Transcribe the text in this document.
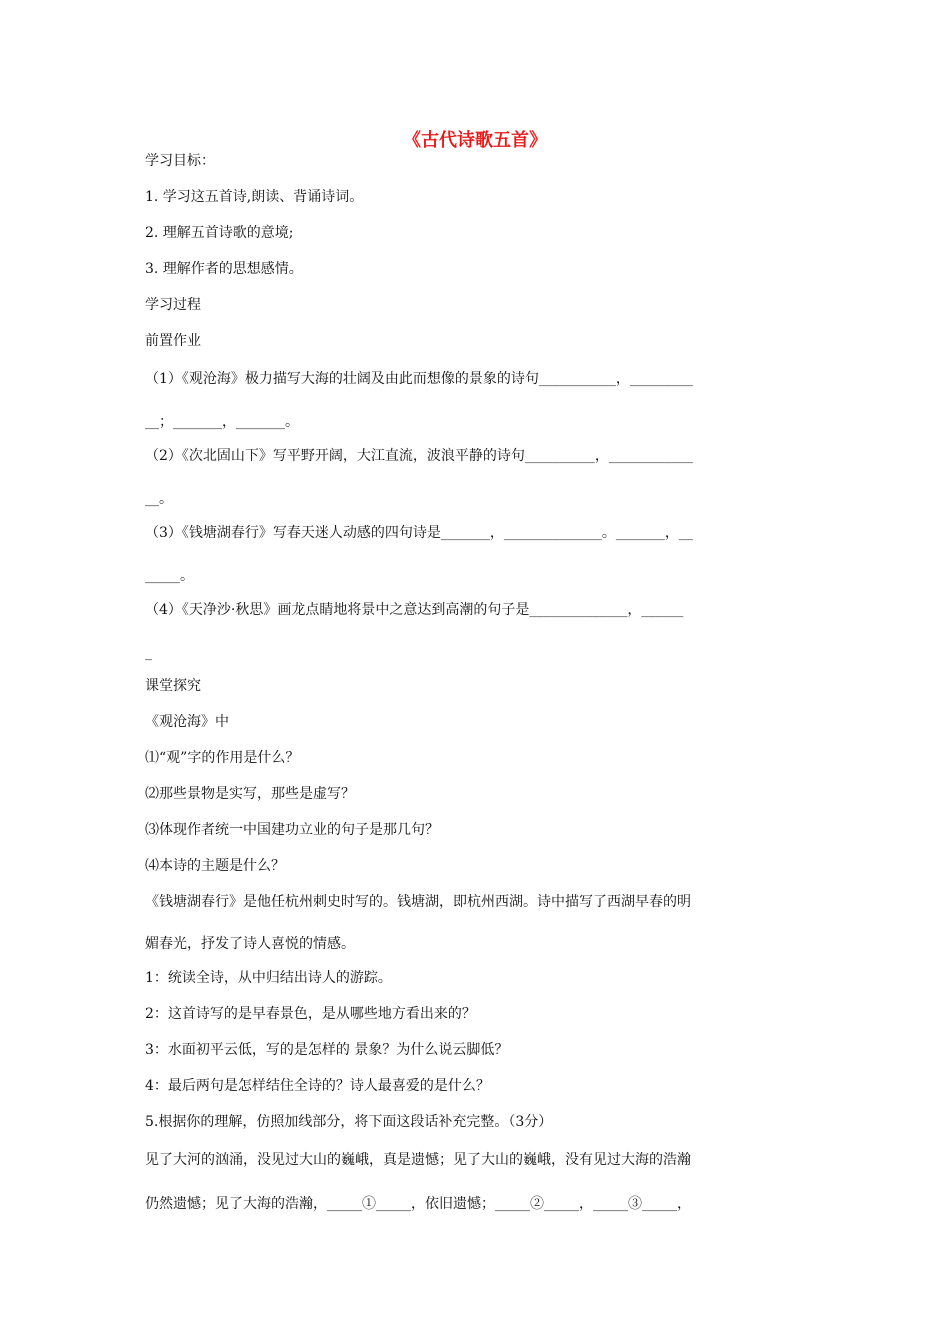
《古代诗歌五首》
学习目标：
1. 学习这五首诗,朗读、背诵诗词。
2. 理解五首诗歌的意境;
3. 理解作者的思想感情。
学习过程
前置作业
（1）《观沧海》极力描写大海的壮阔及由此而想像的景象的诗句___________，_________
__；_______，_______。
（2）《次北固山下》写平野开阔，大江直流，波浪平静的诗句__________，____________
__。
（3）《钱塘湖春行》写春天迷人动感的四句诗是_______，______________。_______，__
_____。
（4）《天净沙·秋思》画龙点睛地将景中之意达到高潮的句子是______________，______
_
课堂探究
《观沧海》中
⑴“观”字的作用是什么？
⑵那些景物是实写，那些是虚写？
⑶体现作者统一中国建功立业的句子是那几句？
⑷本诗的主题是什么？
《钱塘湖春行》是他任杭州刺史时写的。钱塘湖，即杭州西湖。诗中描写了西湖早春的明
媚春光，抒发了诗人喜悦的情感。
1：统读全诗，从中归结出诗人的游踪。
2：这首诗写的是早春景色，是从哪些地方看出来的？
3：水面初平云低，写的是怎样的 景象？为什么说云脚低？
4：最后两句是怎样结住全诗的？诗人最喜爱的是什么？
5.根据你的理解，仿照加线部分，将下面这段话补充完整。（3分）
见了大河的汹涌，没见过大山的巍峨，真是遗憾；见了大山的巍峨，没有见过大海的浩瀚
仍然遗憾；见了大海的浩瀚，_____①_____，依旧遗憾；_____②_____，_____③_____，
